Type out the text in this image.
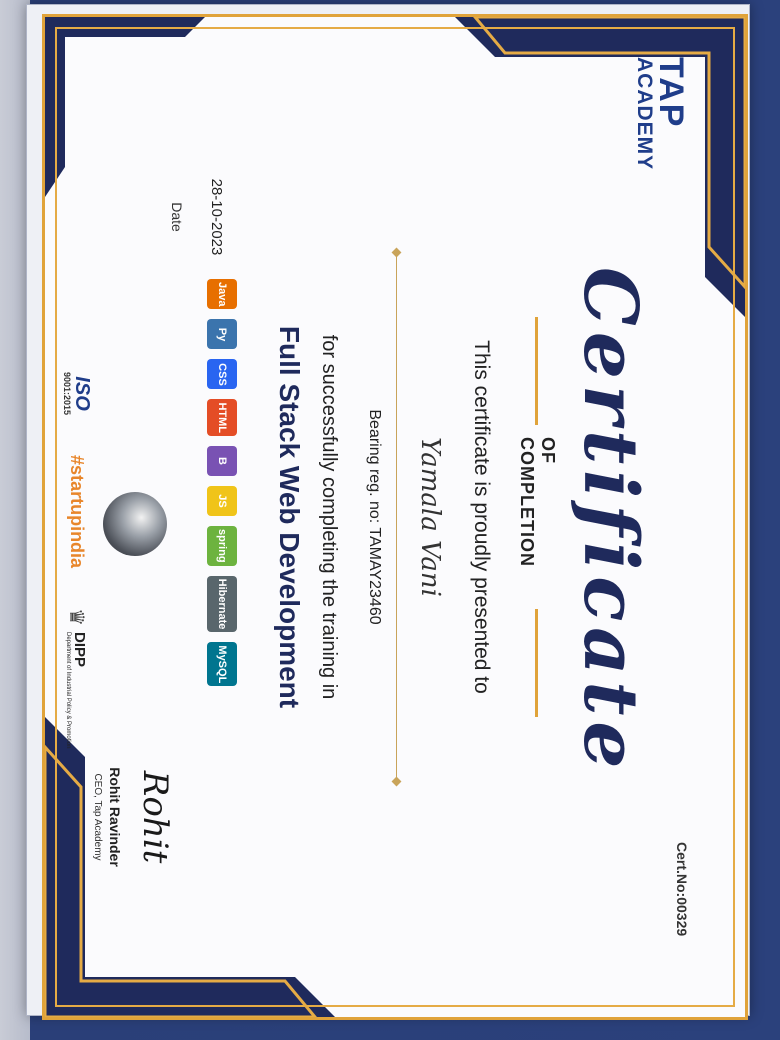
TAP
ACADEMY
Cert.No:00329
Certificate
OF COMPLETION
This certificate is proudly presented to
Yamala Vani
Bearing reg. no: TAMAY23460
for successfully completing the training in
Full Stack Web Development
28-10-2023
Date
Java
Py
CSS
HTML
B
JS
spring
Hibernate
MySQL
Rohit
Rohit Ravinder
CEO, Tap Academy
ISO
9001:2015
#startupindia
♛
DIPP
Department of Industrial Policy & Promotion
